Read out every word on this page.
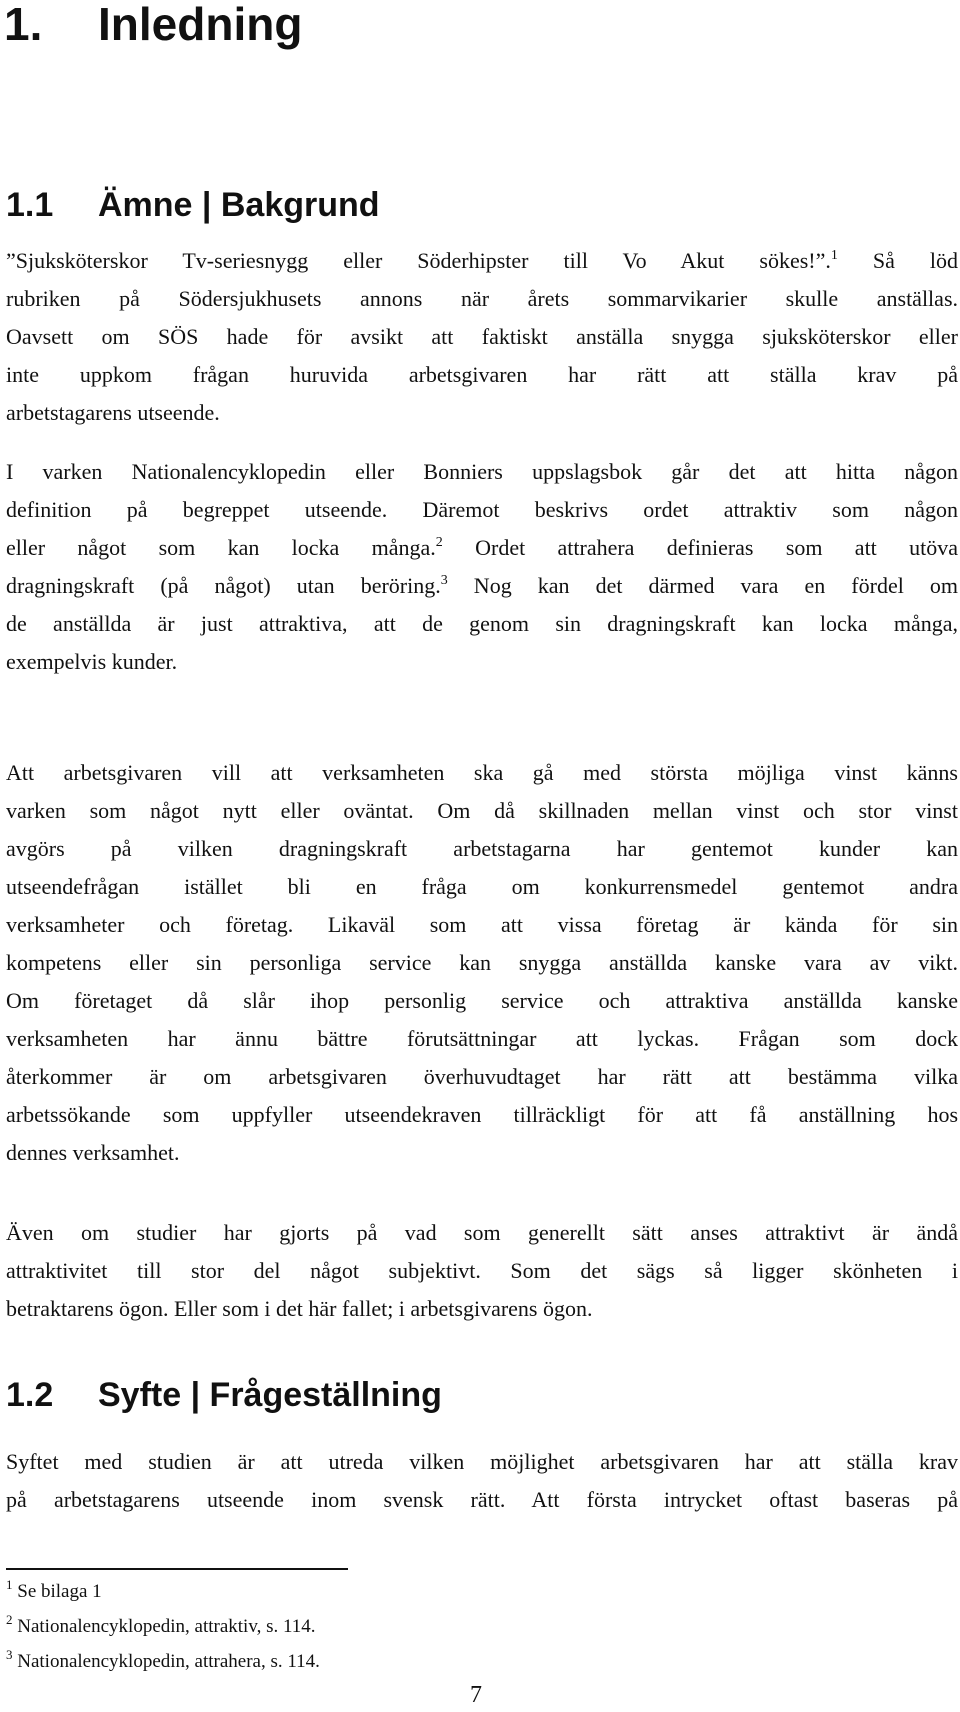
1. Inledning
1.1 Ämne | Bakgrund

”Sjuksköterskor Tv-seriesnygg eller Söderhipster till Vo Akut sökes!”.$^1$ Så löd
rubriken på Södersjukhusets annons när årets sommarvikarier skulle anställas.
Oavsett om SÖS hade för avsikt att faktiskt anställa snygga sjuksköterskor eller
inte uppkom frågan huruvida arbetsgivaren har rätt att ställa krav på
arbetstagarens utseende.

I varken Nationalencyklopedin eller Bonniers uppslagsbok går det att hitta någon
definition på begreppet utseende. Däremot beskrivs ordet attraktiv som någon
eller något som kan locka många.$^2$ Ordet attrahera definieras som att utöva
dragningskraft (på något) utan beröring.$^3$ Nog kan det därmed vara en fördel om
de anställda är just attraktiva, att de genom sin dragningskraft kan locka många,
exempelvis kunder.

Att arbetsgivaren vill att verksamheten ska gå med största möjliga vinst känns
varken som något nytt eller oväntat. Om då skillnaden mellan vinst och stor vinst
avgörs på vilken dragningskraft arbetstagarna har gentemot kunder kan
utseendefrågan istället bli en fråga om konkurrensmedel gentemot andra
verksamheter och företag. Likaväl som att vissa företag är kända för sin
kompetens eller sin personliga service kan snygga anställda kanske vara av vikt.
Om företaget då slår ihop personlig service och attraktiva anställda kanske
verksamheten har ännu bättre förutsättningar att lyckas. Frågan som dock
återkommer är om arbetsgivaren överhuvudtaget har rätt att bestämma vilka
arbetssökande som uppfyller utseendekraven tillräckligt för att få anställning hos
dennes verksamhet.

Även om studier har gjorts på vad som generellt sätt anses attraktivt är ändå
attraktivitet till stor del något subjektivt. Som det sägs så ligger skönheten i
betraktarens ögon. Eller som i det här fallet; i arbetsgivarens ögon.

1.2 Syfte | Frågeställning

Syftet med studien är att utreda vilken möjlighet arbetsgivaren har att ställa krav
på arbetstagarens utseende inom svensk rätt. Att första intrycket oftast baseras på

$^1$ Se bilaga 1
$^2$ Nationalencyklopedin, attraktiv, s. 114.
$^3$ Nationalencyklopedin, attrahera, s. 114.
7
